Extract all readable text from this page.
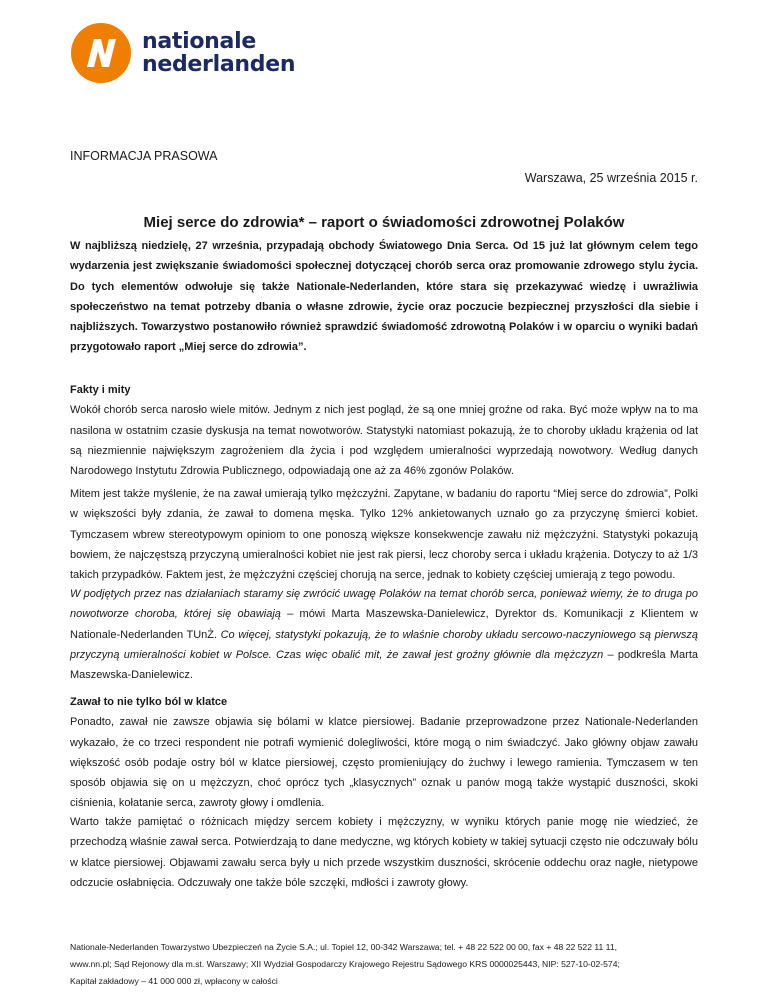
nationale
nederlanden
INFORMACJA PRASOWA
Warszawa, 25 września 2015 r.
Miej serce do zdrowia* – raport o świadomości zdrowotnej Polaków

W najbliższą niedzielę, 27 września, przypadają obchody Światowego Dnia Serca. Od 15 już lat głównym celem tego wydarzenia jest zwiększanie świadomości społecznej dotyczącej chorób serca oraz promowanie zdrowego stylu życia. Do tych elementów odwołuje się także Nationale-Nederlanden, które stara się przekazywać wiedzę i uwrażliwia społeczeństwo na temat potrzeby dbania o własne zdrowie, życie oraz poczucie bezpiecznej przyszłości dla siebie i najbliższych. Towarzystwo postanowiło również sprawdzić świadomość zdrowotną Polaków i w oparciu o wyniki badań przygotowało raport „Miej serce do zdrowia”.

Fakty i mity

Wokół chorób serca narosło wiele mitów. Jednym z nich jest pogląd, że są one mniej groźne od raka. Być może wpływ na to ma nasilona w ostatnim czasie dyskusja na temat nowotworów. Statystyki natomiast pokazują, że to choroby układu krążenia od lat są niezmiennie największym zagrożeniem dla życia i pod względem umieralności wyprzedają nowotwory. Według danych Narodowego Instytutu Zdrowia Publicznego, odpowiadają one aż za 46% zgonów Polaków.

Mitem jest także myślenie, że na zawał umierają tylko mężczyźni. Zapytane, w badaniu do raportu “Miej serce do zdrowia”, Polki w większości były zdania, że zawał to domena męska. Tylko 12% ankietowanych uznało go za przyczynę śmierci kobiet. Tymczasem wbrew stereotypowym opiniom to one ponoszą większe konsekwencje zawału niż mężczyźni. Statystyki pokazują bowiem, że najczęstszą przyczyną umieralności kobiet nie jest rak piersi, lecz choroby serca i układu krążenia. Dotyczy to aż 1/3 takich przypadków. Faktem jest, że mężczyźni częściej chorują na serce, jednak to kobiety częściej umierają z tego powodu.

W podjętych przez nas działaniach staramy się zwrócić uwagę Polaków na temat chorób serca, ponieważ wiemy, że to druga po nowotworze choroba, której się obawiają – mówi Marta Maszewska-Danielewicz, Dyrektor ds. Komunikacji z Klientem w Nationale-Nederlanden TUnŻ. Co więcej, statystyki pokazują, że to właśnie choroby układu sercowo-naczyniowego są pierwszą przyczyną umieralności kobiet w Polsce. Czas więc obalić mit, że zawał jest groźny głównie dla mężczyzn – podkreśla Marta Maszewska-Danielewicz.

Zawał to nie tylko ból w klatce

Ponadto, zawał nie zawsze objawia się bólami w klatce piersiowej. Badanie przeprowadzone przez Nationale-Nederlanden wykazało, że co trzeci respondent nie potrafi wymienić dolegliwości, które mogą o nim świadczyć. Jako główny objaw zawału większość osób podaje ostry ból w klatce piersiowej, często promieniujący do żuchwy i lewego ramienia. Tymczasem w ten sposób objawia się on u mężczyzn, choć oprócz tych „klasycznych” oznak u panów mogą także wystąpić duszności, skoki ciśnienia, kołatanie serca, zawroty głowy i omdlenia.

Warto także pamiętać o różnicach między sercem kobiety i mężczyzny, w wyniku których panie mogę nie wiedzieć, że przechodzą właśnie zawał serca. Potwierdzają to dane medyczne, wg których kobiety w takiej sytuacji często nie odczuwały bólu w klatce piersiowej. Objawami zawału serca były u nich przede wszystkim duszności, skrócenie oddechu oraz nagłe, nietypowe odczucie osłabnięcia. Odczuwały one także bóle szczęki, mdłości i zawroty głowy.

Nationale-Nederlanden Towarzystwo Ubezpieczeń na Życie S.A.; ul. Topiel 12, 00-342 Warszawa; tel. + 48 22 522 00 00, fax + 48 22 522 11 11,
www.nn.pl; Sąd Rejonowy dla m.st. Warszawy; XII Wydział Gospodarczy Krajowego Rejestru Sądowego KRS 0000025443, NIP: 527-10-02-574;
Kapitał zakładowy – 41 000 000 zł, wpłacony w całości
